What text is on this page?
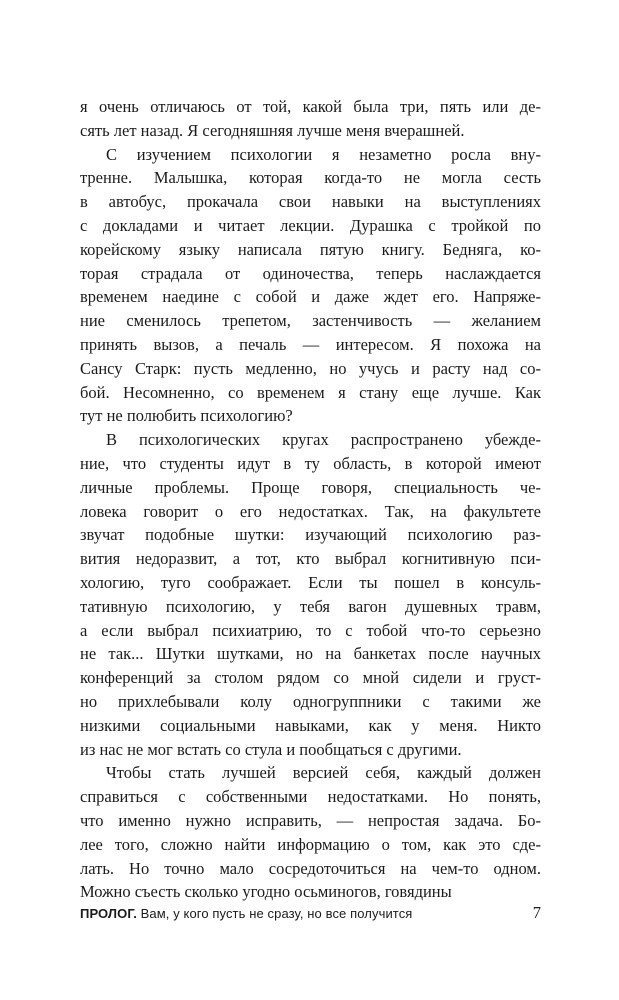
я очень отличаюсь от той, какой была три, пять или де-
сять лет назад. Я сегодняшняя лучше меня вчерашней.
С изучением психологии я незаметно росла вну-
тренне. Малышка, которая когда-то не могла сесть
в автобус, прокачала свои навыки на выступлениях
с докладами и читает лекции. Дурашка с тройкой по
корейскому языку написала пятую книгу. Бедняга, ко-
торая страдала от одиночества, теперь наслаждается
временем наедине с собой и даже ждет его. Напряже-
ние сменилось трепетом, застенчивость — желанием
принять вызов, а печаль — интересом. Я похожа на
Сансу Старк: пусть медленно, но учусь и расту над со-
бой. Несомненно, со временем я стану еще лучше. Как
тут не полюбить психологию?
В психологических кругах распространено убежде-
ние, что студенты идут в ту область, в которой имеют
личные проблемы. Проще говоря, специальность че-
ловека говорит о его недостатках. Так, на факультете
звучат подобные шутки: изучающий психологию раз-
вития недоразвит, а тот, кто выбрал когнитивную пси-
хологию, туго соображает. Если ты пошел в консуль-
тативную психологию, у тебя вагон душевных травм,
а если выбрал психиатрию, то с тобой что-то серьезно
не так... Шутки шутками, но на банкетах после научных
конференций за столом рядом со мной сидели и груст-
но прихлебывали колу одногруппники с такими же
низкими социальными навыками, как у меня. Никто
из нас не мог встать со стула и пообщаться с другими.
Чтобы стать лучшей версией себя, каждый должен
справиться с собственными недостатками. Но понять,
что именно нужно исправить, — непростая задача. Бо-
лее того, сложно найти информацию о том, как это сде-
лать. Но точно мало сосредоточиться на чем-то одном.
Можно съесть сколько угодно осьминогов, говядины
ПРОЛОГ. Вам, у кого пусть не сразу, но все получится	7
